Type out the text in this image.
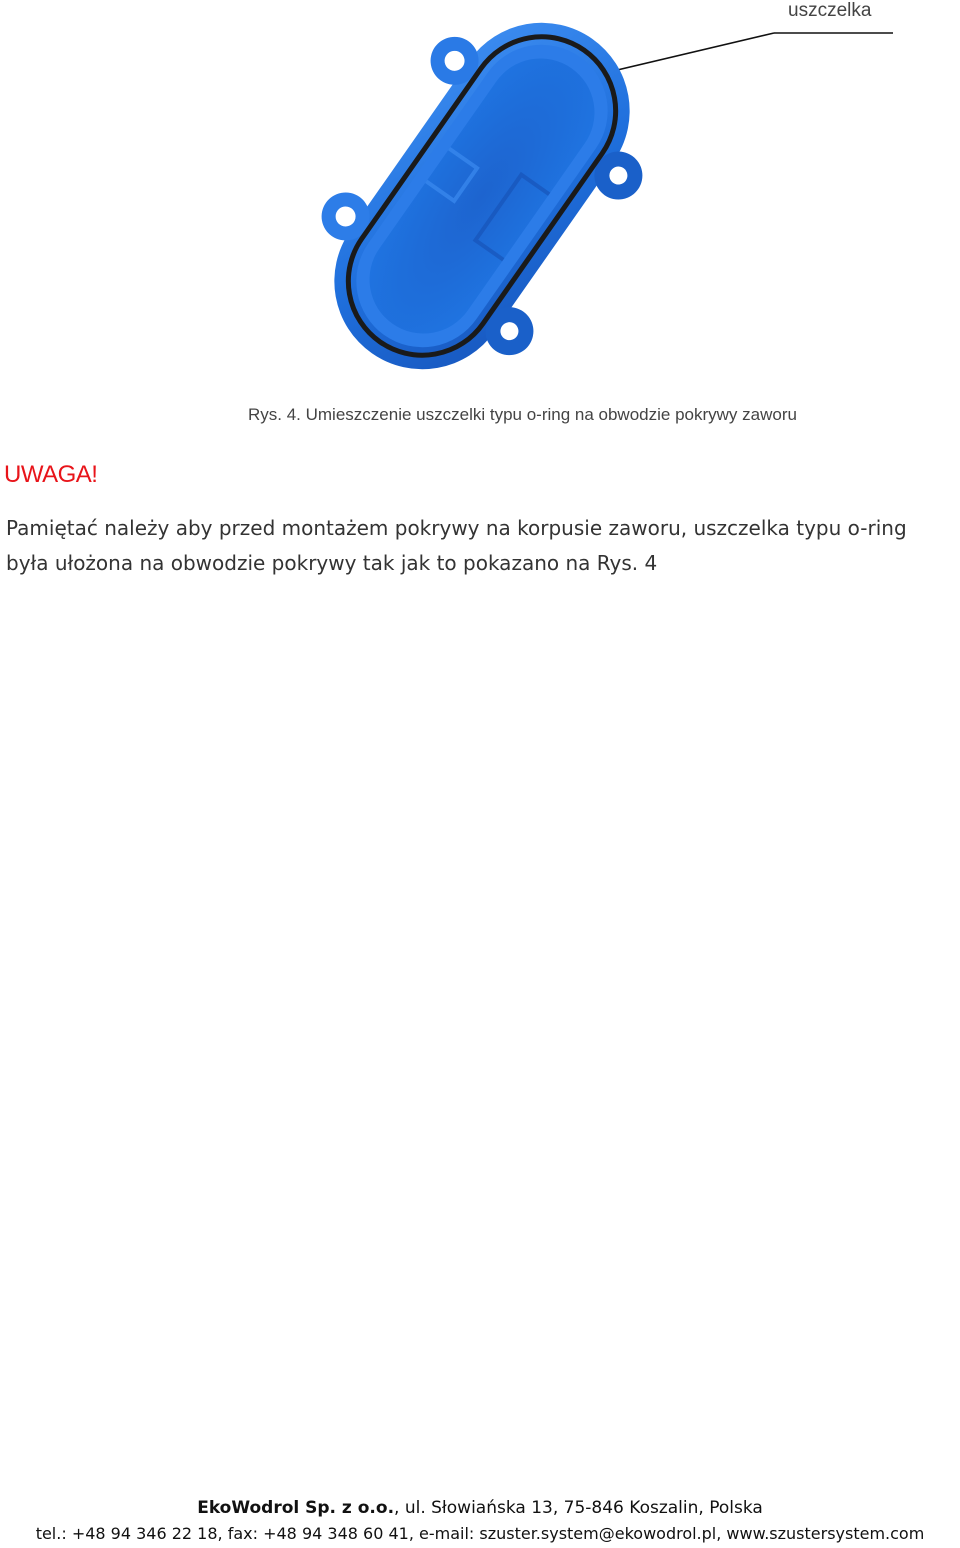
uszczelka
Rys. 4. Umieszczenie uszczelki typu o-ring na obwodzie pokrywy zaworu
UWAGA!
Pamiętać należy aby przed montażem pokrywy na korpusie zaworu, uszczelka typu o-ring
była ułożona na obwodzie pokrywy tak jak to pokazano na Rys. 4
EkoWodrol Sp. z o.o., ul. Słowiańska 13, 75-846 Koszalin, Polska
tel.: +48 94 346 22 18, fax: +48 94 348 60 41, e-mail: szuster.system@ekowodrol.pl, www.szustersystem.com
